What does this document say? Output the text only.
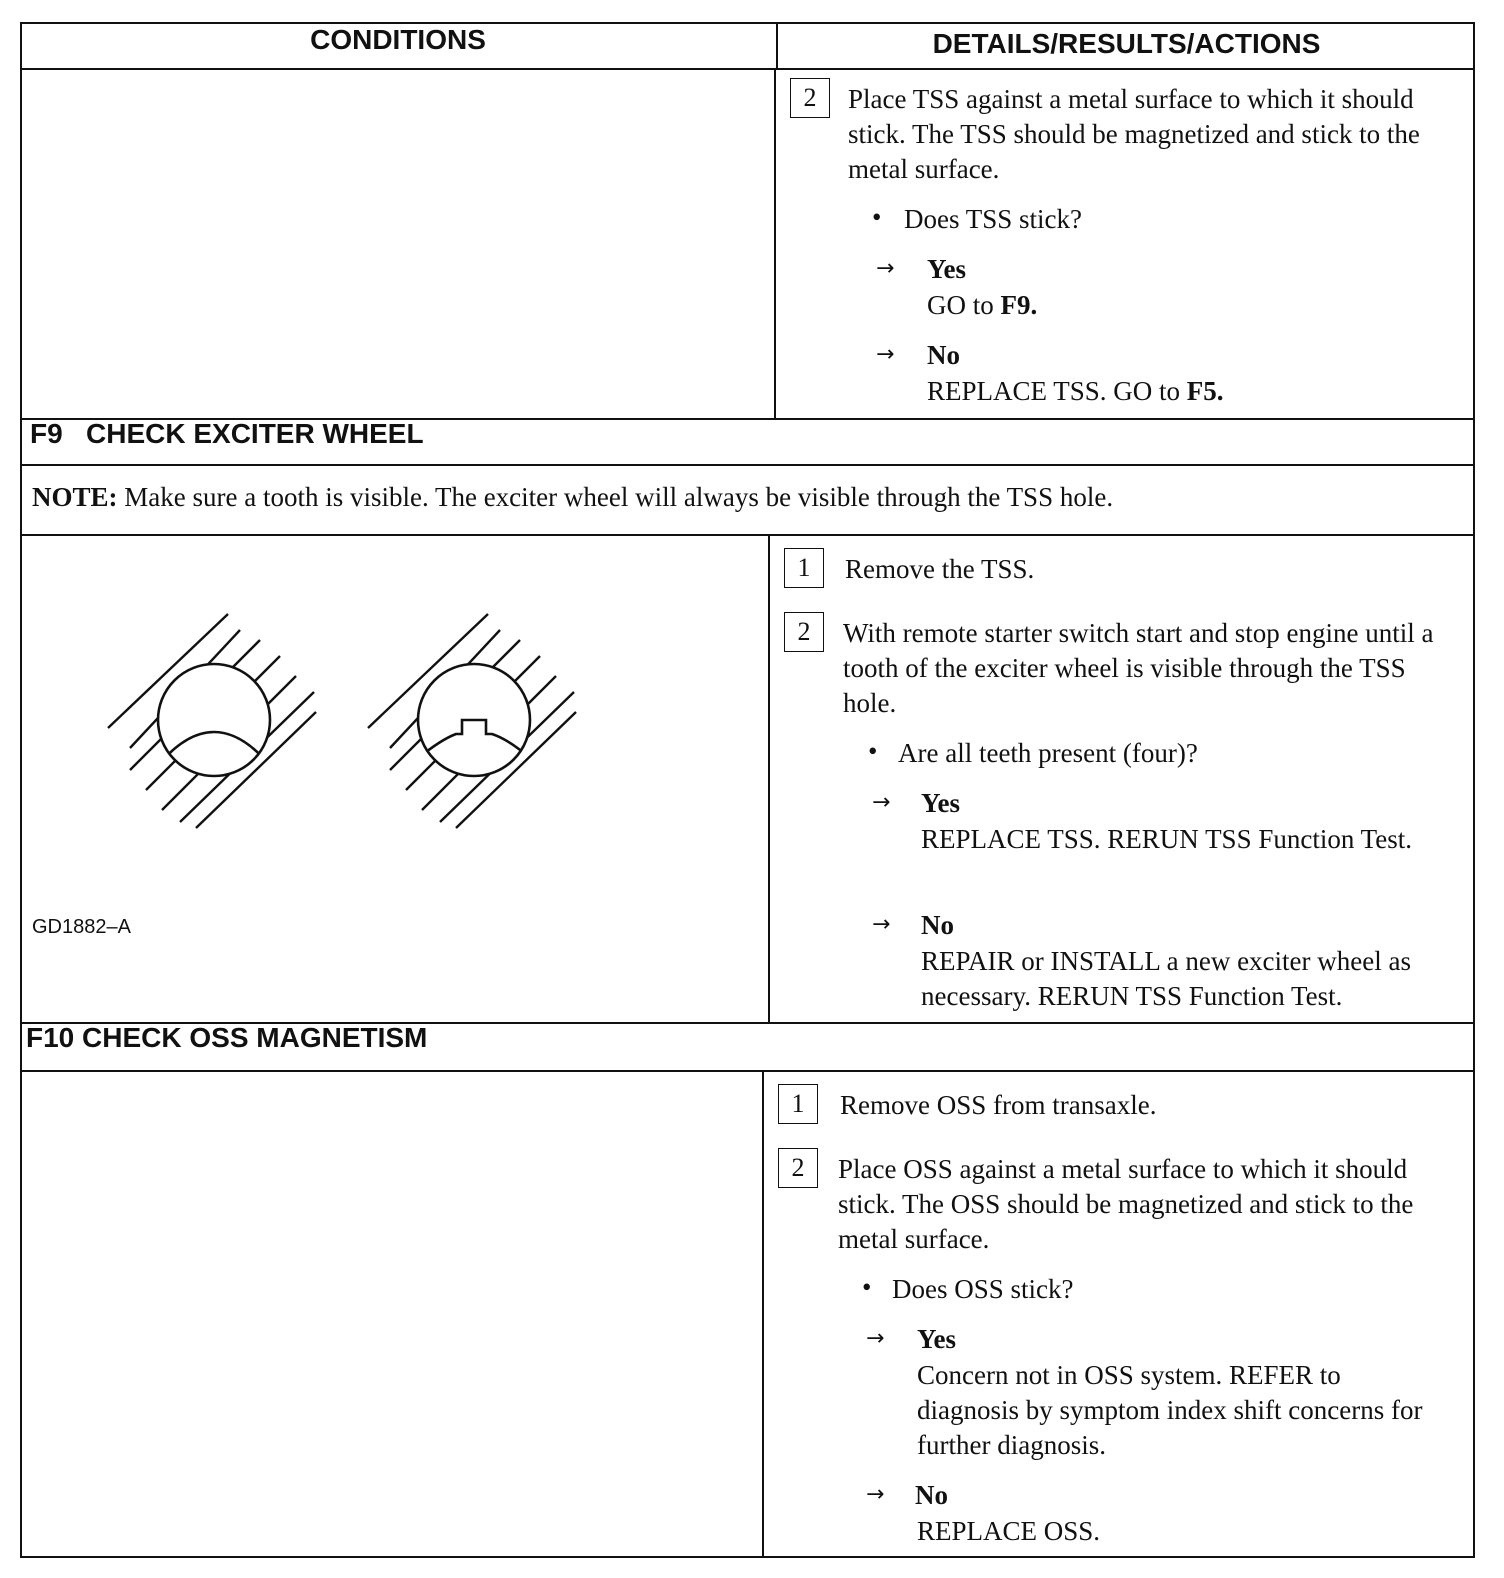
CONDITIONS	DETAILS/RESULTS/ACTIONS
2	Place TSS against a metal surface to which it should stick. The TSS should be magnetized and stick to the metal surface.
• Does TSS stick?
→ Yes
GO to F9.
→ No
REPLACE TSS. GO to F5.
F9   CHECK EXCITER WHEEL
NOTE: Make sure a tooth is visible. The exciter wheel will always be visible through the TSS hole.
GD1882–A
1	Remove the TSS.
2	With remote starter switch start and stop engine until a tooth of the exciter wheel is visible through the TSS hole.
• Are all teeth present (four)?
→ Yes
REPLACE TSS. RERUN TSS Function Test.
→ No
REPAIR or INSTALL a new exciter wheel as necessary. RERUN TSS Function Test.
F10 CHECK OSS MAGNETISM
1	Remove OSS from transaxle.
2	Place OSS against a metal surface to which it should stick. The OSS should be magnetized and stick to the metal surface.
• Does OSS stick?
→ Yes
Concern not in OSS system. REFER to diagnosis by symptom index shift concerns for further diagnosis.
→ No
REPLACE OSS.
